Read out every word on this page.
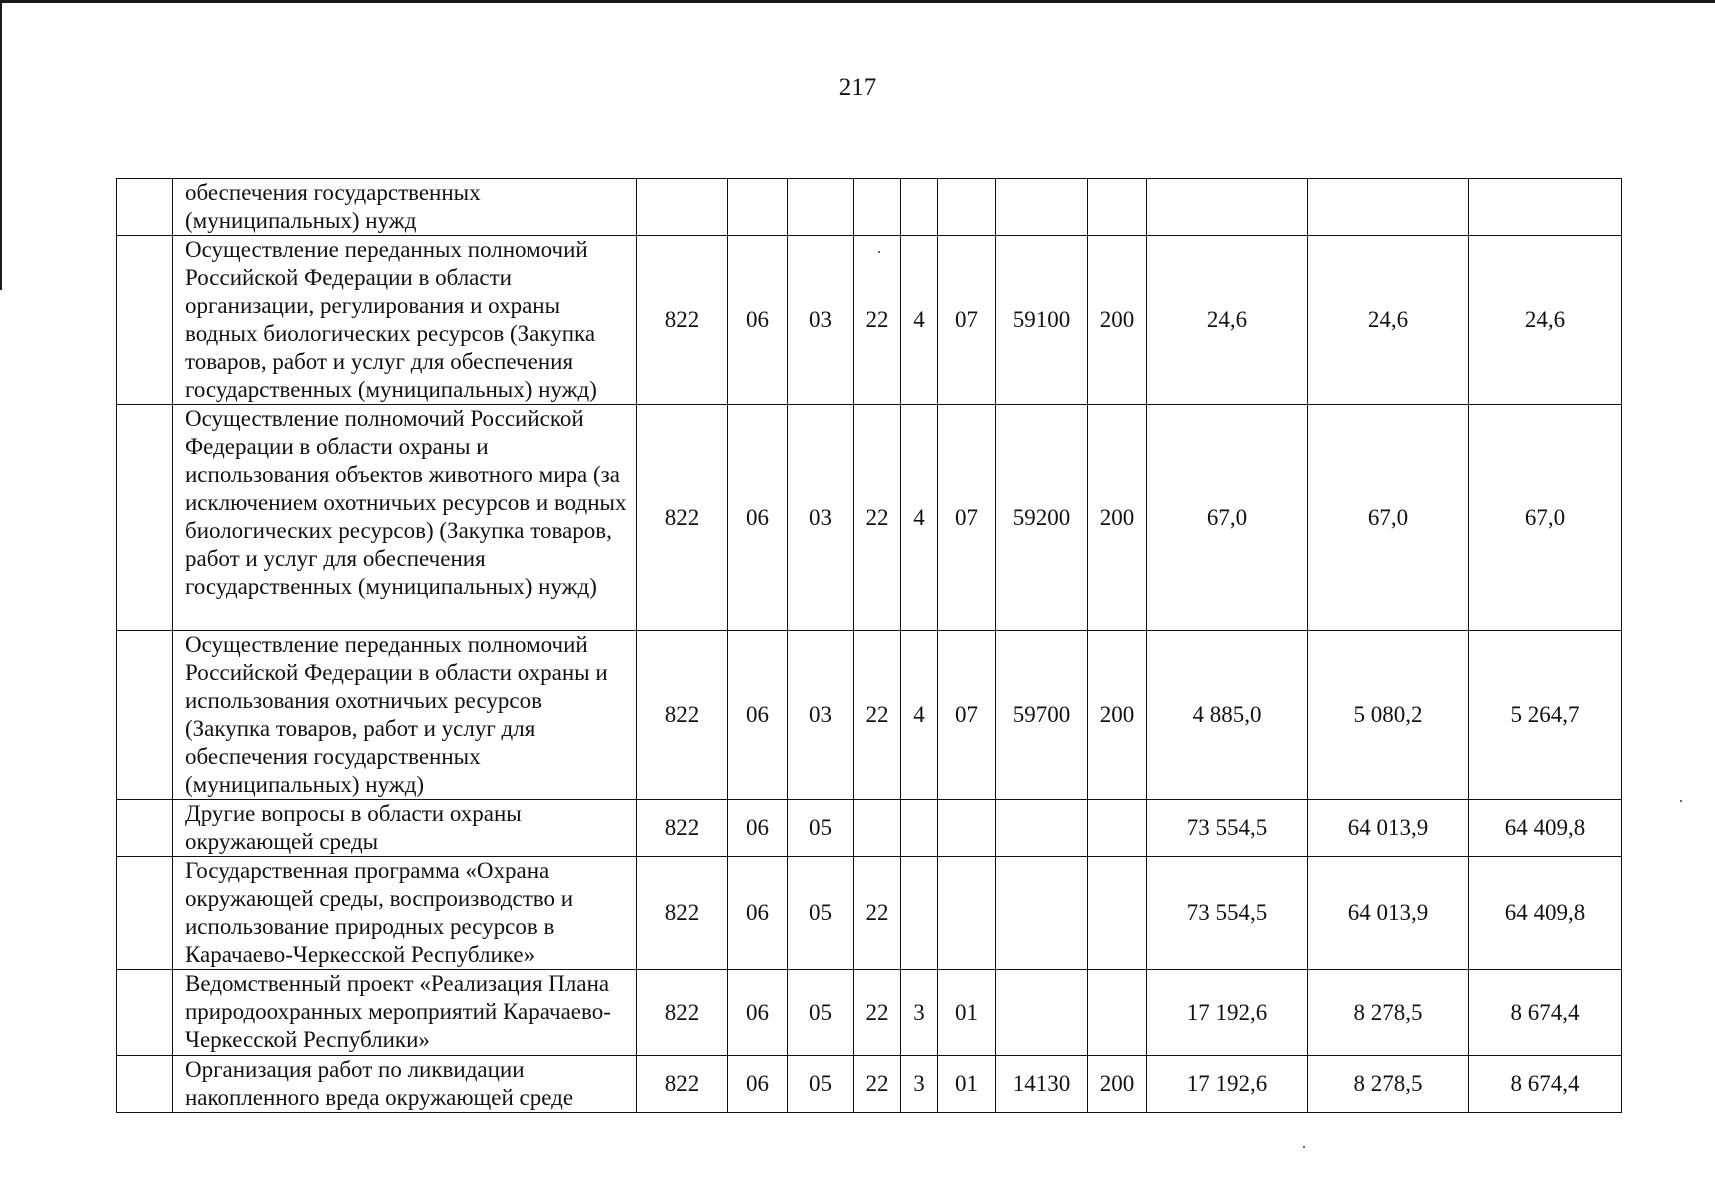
217
	обеспечения государственных (муниципальных) нужд											
	Осуществление переданных полномочий Российской Федерации в области организации, регулирования и охраны водных биологических ресурсов (Закупка товаров, работ и услуг для обеспечения государственных (муниципальных) нужд)	822	06	03	22	4	07	59100	200	24,6	24,6	24,6
	Осуществление полномочий Российской Федерации в области охраны и использования объектов животного мира (за исключением охотничьих ресурсов и водных биологических ресурсов) (Закупка товаров, работ и услуг для обеспечения государственных (муниципальных) нужд)	822	06	03	22	4	07	59200	200	67,0	67,0	67,0
	Осуществление переданных полномочий Российской Федерации в области охраны и использования охотничьих ресурсов (Закупка товаров, работ и услуг для обеспечения государственных (муниципальных) нужд)	822	06	03	22	4	07	59700	200	4 885,0	5 080,2	5 264,7
	Другие вопросы в области охраны окружающей среды	822	06	05						73 554,5	64 013,9	64 409,8
	Государственная программа «Охрана окружающей среды, воспроизводство и использование природных ресурсов в Карачаево-Черкесской Республике»	822	06	05	22					73 554,5	64 013,9	64 409,8
	Ведомственный проект «Реализация Плана природоохранных мероприятий Карачаево-Черкесской Республики»	822	06	05	22	3	01			17 192,6	8 278,5	8 674,4
	Организация работ по ликвидации накопленного вреда окружающей среде	822	06	05	22	3	01	14130	200	17 192,6	8 278,5	8 674,4
